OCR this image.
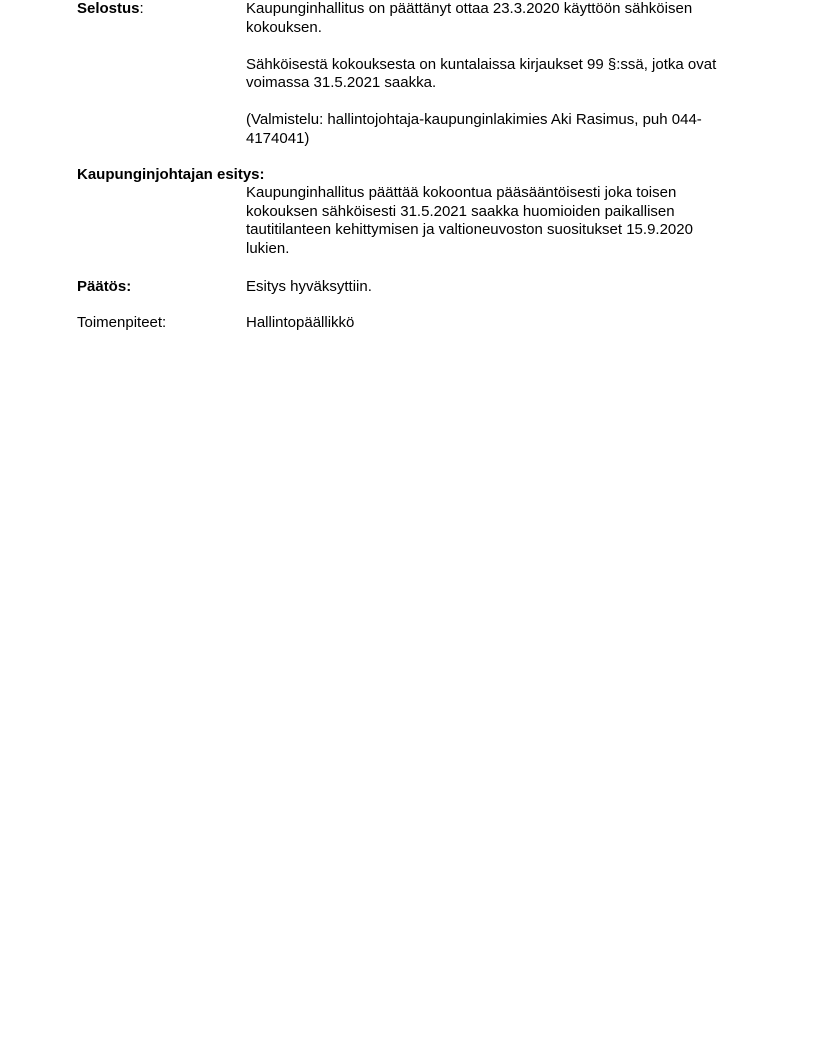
Selostus:	Kaupunginhallitus on päättänyt ottaa 23.3.2020 käyttöön sähköisen kokouksen.

Sähköisestä kokouksesta on kuntalaissa kirjaukset 99 §:ssä, jotka ovat voimassa 31.5.2021 saakka.

(Valmistelu: hallintojohtaja-kaupunginlakimies Aki Rasimus, puh 044-4174041)

Kaupunginjohtajan esitys:

Kaupunginhallitus päättää kokoontua pääsääntöisesti joka toisen kokouksen sähköisesti 31.5.2021 saakka huomioiden paikallisen tautitilanteen kehittymisen ja valtioneuvoston suositukset 15.9.2020 lukien.

Päätös:	Esitys hyväksyttiin.

Toimenpiteet:	Hallintopäällikkö
